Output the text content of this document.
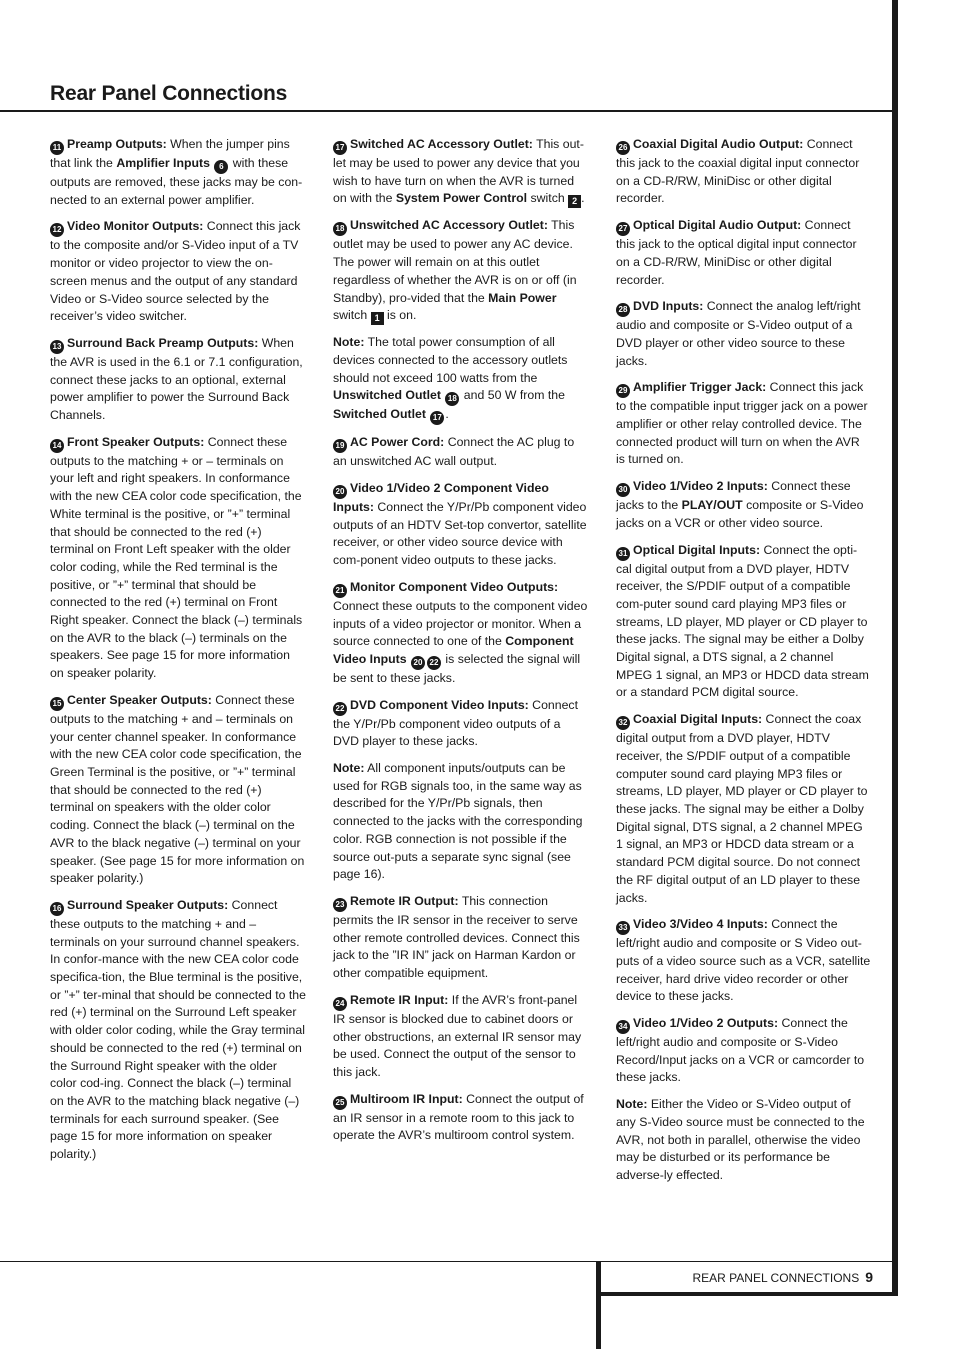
Rear Panel Connections

11 Preamp Outputs: When the jumper pins that link the Amplifier Inputs 6 with these outputs are removed, these jacks may be con-nected to an external power amplifier.

12 Video Monitor Outputs: Connect this jack to the composite and/or S-Video input of a TV monitor or video projector to view the on-screen menus and the output of any standard Video or S-Video source selected by the receiver’s video switcher.

13 Surround Back Preamp Outputs: When the AVR is used in the 6.1 or 7.1 configuration, connect these jacks to an optional, external power amplifier to power the Surround Back Channels.

14 Front Speaker Outputs: Connect these outputs to the matching + or – terminals on your left and right speakers. In conformance with the new CEA color code specification, the White terminal is the positive, or ”+” terminal that should be connected to the red (+) terminal on Front Left speaker with the older color coding, while the Red terminal is the positive, or ”+” terminal that should be connected to the red (+) terminal on Front Right speaker. Connect the black (–) terminals on the AVR to the black (–) terminals on the speakers. See page 15 for more information on speaker polarity.

15 Center Speaker Outputs: Connect these outputs to the matching + and – terminals on your center channel speaker. In conformance with the new CEA color code specification, the Green Terminal is the positive, or ”+” terminal that should be connected to the red (+) terminal on speakers with the older color coding. Connect the black (–) terminal on the AVR to the black negative (–) terminal on your speaker. (See page 15 for more information on speaker polarity.)

16 Surround Speaker Outputs: Connect these outputs to the matching + and – terminals on your surround channel speakers. In confor-mance with the new CEA color code specifica-tion, the Blue terminal is the positive, or ”+” ter-minal that should be connected to the red (+) terminal on the Surround Left speaker with older color coding, while the Gray terminal should be connected to the red (+) terminal on the Surround Right speaker with the older color cod-ing. Connect the black (–) terminal on the AVR to the matching black negative (–) terminals for each surround speaker. (See page 15 for more information on speaker polarity.)

17 Switched AC Accessory Outlet: This out-let may be used to power any device that you wish to have turn on when the AVR is turned on with the System Power Control switch 2 .

18 Unswitched AC Accessory Outlet: This outlet may be used to power any AC device. The power will remain on at this outlet regardless of whether the AVR is on or off (in Standby), pro-vided that the Main Power switch 1 is on.

Note: The total power consumption of all devices connected to the accessory outlets should not exceed 100 watts from the Unswitched Outlet 18 and 50 W from the Switched Outlet 17 .

19 AC Power Cord: Connect the AC plug to an unswitched AC wall output.

20 Video 1/Video 2 Component Video Inputs: Connect the Y/Pr/Pb component video outputs of an HDTV Set-top convertor, satellite receiver, or other video source device with com-ponent video outputs to these jacks.

21 Monitor Component Video Outputs: Connect these outputs to the component video inputs of a video projector or monitor. When a source connected to one of the Component Video Inputs 20 22 is selected the signal will be sent to these jacks.

22 DVD Component Video Inputs: Connect the Y/Pr/Pb component video outputs of a DVD player to these jacks.

Note: All component inputs/outputs can be used for RGB signals too, in the same way as described for the Y/Pr/Pb signals, then connected to the jacks with the corresponding color. RGB connection is not possible if the source out-puts a separate sync signal (see page 16).

23 Remote IR Output: This connection permits the IR sensor in the receiver to serve other remote controlled devices. Connect this jack to the ”IR IN” jack on Harman Kardon or other compatible equipment.

24 Remote IR Input: If the AVR’s front-panel IR sensor is blocked due to cabinet doors or other obstructions, an external IR sensor may be used. Connect the output of the sensor to this jack.

25 Multiroom IR Input: Connect the output of an IR sensor in a remote room to this jack to operate the AVR’s multiroom control system.

26 Coaxial Digital Audio Output: Connect this jack to the coaxial digital input connector on a CD-R/RW, MiniDisc or other digital recorder.

27 Optical Digital Audio Output: Connect this jack to the optical digital input connector on a CD-R/RW, MiniDisc or other digital recorder.

28 DVD Inputs: Connect the analog left/right audio and composite or S-Video output of a DVD player or other video source to these jacks.

29 Amplifier Trigger Jack: Connect this jack to the compatible input trigger jack on a power amplifier or other relay controlled device. The connected product will turn on when the AVR is turned on.

30 Video 1/Video 2 Inputs: Connect these jacks to the PLAY/OUT composite or S-Video jacks on a VCR or other video source.

31 Optical Digital Inputs: Connect the opti-cal digital output from a DVD player, HDTV receiver, the S/PDIF output of a compatible com-puter sound card playing MP3 files or streams, LD player, MD player or CD player to these jacks. The signal may be either a Dolby Digital signal, a DTS signal, a 2 channel MPEG 1 signal, an MP3 or HDCD data stream or a standard PCM digital source.

32 Coaxial Digital Inputs: Connect the coax digital output from a DVD player, HDTV receiver, the S/PDIF output of a compatible computer sound card playing MP3 files or streams, LD player, MD player or CD player to these jacks. The signal may be either a Dolby Digital signal, DTS signal, a 2 channel MPEG 1 signal, an MP3 or HDCD data stream or a standard PCM digital source. Do not connect the RF digital output of an LD player to these jacks.

33 Video 3/Video 4 Inputs: Connect the left/right audio and composite or S Video out-puts of a video source such as a VCR, satellite receiver, hard drive video recorder or other device to these jacks.

34 Video 1/Video 2 Outputs: Connect the left/right audio and composite or S-Video Record/Input jacks on a VCR or camcorder to these jacks.

Note: Either the Video or S-Video output of any S-Video source must be connected to the AVR, not both in parallel, otherwise the video may be disturbed or its performance be adverse-ly effected.

REAR PANEL CONNECTIONS 9
